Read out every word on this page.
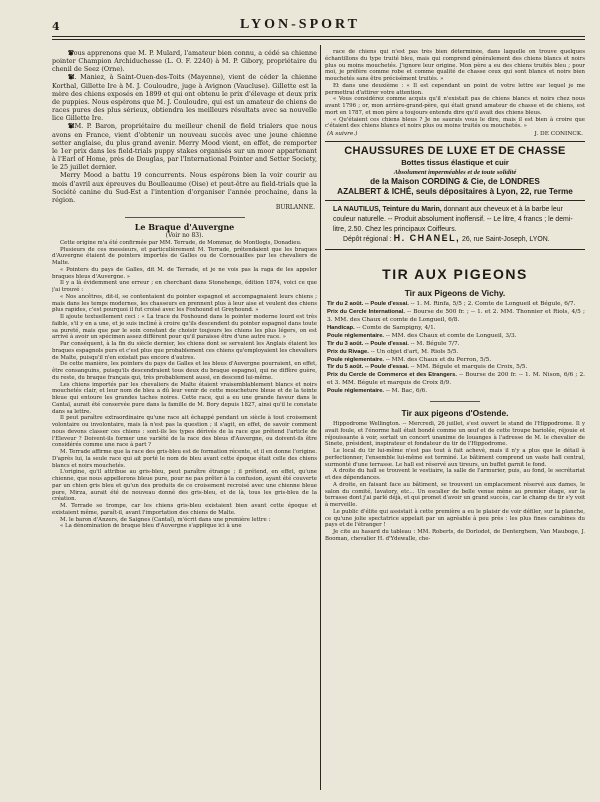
4	LYON-SPORT

Nous apprenons que M. P. Mulard, l'amateur bien connu, a cédé sa chienne pointer Champion Archiduchesse (L. O. F. 2240) à M. P. Gibory, propriétaire du chenil de Seez (Orne).

M. Maniez, à Saint-Ouen-des-Toits (Mayenne), vient de céder la chienne Korthal, Gillette Ire à M. J. Couloudre, juge à Avignon (Vaucluse). Gillette est la mère des chiens exposés en 1899 et qui ont obtenu le prix d'élevage et deux prix de puppies. Nous espérons que M. J. Couloudre, qui est un amateur de chiens de races pures des plus sérieux, obtiendra les meilleurs résultats avec sa nouvelle lice Gillette Ire.

MM. P. Baron, propriétaire du meilleur chenil de field trialers que nous avons en France, vient d'obtenir un nouveau succès avec une jeune chienne setter anglaise, du plus grand avenir. Merry Mood vient, en effet, de remporter le 1er prix dans les field-trials puppy stakes organisés sur un moor appartenant à l'Earl of Home, près de Douglas, par l'International Pointer and Setter Society, le 25 juillet dernier.

Merry Mood a battu 19 concurrents. Nous espérons bien la voir courir au mois d'avril aux épreuves du Boulleaume (Oise) et peut-être au field-trials que la Société canine du Sud-Est a l'intention d'organiser l'année prochaine, dans la région.

BURLANNE.
Le Braque d'Auvergne
(Voir no 83).

Cette origine m'a été confirmée par MM. Terrade, de Mommar, de Montlogis, Donadieu.

Plusieurs de ces messieurs, et particulièrement M. Terrade, prétendaient que les braques d'Auvergne étaient de pointers importés de Galles ou de Cornouailles par les chevaliers de Malte.

« Pointers du pays de Galles, dit M. de Terrade, et je ne vois pas la raga de les appeler braques bleus d'Auvergne. »

Il y a là évidemment une erreur ; en cherchant dans Stonehenge, édition 1874, voici ce que j'ai trouvé :

« Nos ancêtres, dit-il, se contentaient du pointer espagnol et accompagnaient leurs chiens ; mais dans les temps modernes, les chasseurs en prennent plus à leur aise et veulent des chiens plus rapides, c'est pourquoi il fut croisé avec les Foxhound et Greyhound. »

Il ajoute textuellement ceci : « La trace du Foxhound dans le pointer moderne lourd est très faible, s'il y en a une, et je suis incliné à croire qu'ils descendent du pointer espagnol dans toute sa pureté, mais que par le soin constant de choisir toujours les chiens les plus légers, on est arrivé à avoir un spécimen assez différent pour qu'il paraisse être d'une autre race. »

Par conséquent, à la fin du siècle dernier, les chiens dont se servaient les Anglais étaient les braques espagnols purs et c'est plus que probablement ces chiens qu'employaient les chevaliers de Malte, puisqu'il n'en existait pas encore d'autres.

De cette manière, les pointers du pays de Galles et les bleus d'Auvergne pourraient, en effet, être consanguins, puisqu'ils descendraient tous deux du braque espagnol, qui ne diffère guère, du reste, du braque français qui, très probablement aussi, en descend lui-même.

Les chiens importés par les chevaliers de Malte étaient vraisemblablement blancs et noirs mouchetés clair, et leur nom de bleu a dû leur venir de cette moucheture bleue et de la teinte bleue qui entoure les grandes taches noires. Cette race, qui a eu une grande faveur dans le Cantal, aurait été conservée pure dans la famille de M. Bory depuis 1827, ainsi qu'il le constate dans sa lettre.

Il peut paraître extraordinaire qu'une race ait échappé pendant un siècle à tout croisement volontaire ou involontaire, mais là n'est pas la question ; il s'agit, en effet, de savoir comment nous devons classer ces chiens : sont-ils les types dérivés de la race que prétend l'article de l'Eleveur ? Doivent-ils former une variété de la race des bleus d'Auvergne, ou doivent-ils être considérés comme une race à part ?

M. Terrade affirme que la race des gris-bleu est de formation récente, et il en donne l'origine. D'après lui, la seule race qui ait porté le nom de bleu avant cette époque était celle des chiens blancs et noirs mouchetés.

L'origine, qu'il attribue au gris-bleu, peut paraître étrange ; il prétend, en effet, qu'une chienne, que nous appellerons bleue pure, pour ne pas prêter à la confusion, ayant été couverte par un chien gris bleu et qu'un des produits de ce croisement recroisé avec une chienne bleue pure, Mirza, aurait été de nouveau donné des gris-bleu, et de là, tous les gris-bleu de la création.

M. Terrade se trompe, car les chiens gris-bleu existaient bien avant cette époque et existaient même, paraît-il, avant l'importation des chiens de Malte.

M. le baron d'Anzers, de Saignes (Cantal), m'écrit dans une première lettre :

« La dénomination de braque bleu d'Auvergne s'applique ici à une

race de chiens qui n'est pas très bien déterminée, dans laquelle on trouve quelques échantillons du type truité bleu, mais qui comprend généralement des chiens blancs et noirs plus ou moins mouchetés. J'ignore leur origine. Mon père a eu des chiens truités bleu ; pour moi, je préfère comme robe et comme qualité de chasse ceux qui sont blancs et noirs bien mouchetés sans être précisément truités. »

Et dans une deuxième : « Il est cependant un point de votre lettre sur lequel je me permettrai d'attirer votre attention.

« Vous considérez comme acquis qu'il n'existait pas de chiens blancs et noirs chez nous avant 1796 ; or, mon arrière-grand-père, qui était grand amateur de chasse et de chiens, est mort en 1787, et mon père a toujours entendu dire qu'il avait des chiens bleus.

« Qu'étaient ces chiens bleus ? Je ne saurais vous le dire, mais il est bien à croire que c'étaient des chiens blancs et noirs plus ou moins truités ou mouchetés. »

(A suivre.)	J. DE CONINCK.
CHAUSSURES DE LUXE ET DE CHASSE
Bottes tissus élastique et cuir
Absolument imperméables et de toute solidité
de la Maison CORDING & Cie, de LONDRES
AZALBERT & ICHÉ, seuls dépositaires à Lyon, 22, rue Terme
LA NAUTILUS, Teinture du Marin, donnant aux cheveux et à la barbe leur couleur naturelle. -- Produit absolument inoffensif. -- Le litre, 4 francs ; le demi-litre, 2.50. Chez les principaux Coiffeurs.
Dépôt régional : H. CHANEL, 26, rue Saint-Joseph, LYON.
TIR AUX PIGEONS
Tir aux Pigeons de Vichy.

Tir du 2 août. -- Poule d'essai. -- 1. M. Rinfa, 5/5 ; 2. Comte de Longueil et Bégule, 6/7.

Prix du Cercle International. -- Bourse de 500 fr. ; -- 1. et 2. MM. Thonnier et Riols, 4/5 ; 3. MM. des Chaux et comte de Longueil, 6/8.

Handicap. -- Comte de Sampigny, 4/1.

Poule réglementaire. -- MM. des Chaux et comte de Longueil, 3/3.

Tir du 3 août. -- Poule d'essai. -- M. Bégule 7/7.

Prix du Rivage. -- Un objet d'art, M. Riols 5/5.

Poule réglementaire. -- MM. des Chaux et du Perron, 5/5.

Tir du 5 août. -- Poule d'essai. -- MM. Bégule et marquis de Croix, 5/5.

Prix du Cercle de Commerce et des Etrangers. -- Bourse de 200 fr. -- 1. M. Nison, 6/6 ; 2. et 3. MM. Bégule et marquis de Croix 8/9.

Poule réglementaire. -- M. Bac, 6/6.

Tir aux pigeons d'Ostende.

Hippodrome Wellington. -- Mercredi, 26 juillet, s'est ouvert le stand de l'Hippodrome. Il y avait foule, et l'énorme hall était bondé comme un œuf et de cette troupe bariolée, réjouie et réjouissante à voir, sortait un concert unanime de louanges à l'adresse de M. le chevalier de Sinete, président, inspirateur et fondateur du tir de l'Hippodrome.

Le local du tir lui-même n'est pas tout à fait achevé, mais il n'y a plus que le détail à perfectionner, l'ensemble lui-même est terminé. Le bâtiment comprend un vaste hall central, surmonté d'une terrasse. Le hall est réservé aux tireurs, un buffet garnit le fond.

A droite du hall se trouvent le vestiaire, la salle de l'armurier, puis, au fond, le secrétariat et des dépendances.

A droite, en faisant face au bâtiment, se trouvent un emplacement réservé aux dames, le salon du comité, lavatory, etc... Un escalier de belle venue mène au premier étage, sur la terrasse dont j'ai parlé déjà, et qui promet d'avoir un grand succès, car le champ de tir s'y voit à merveille.

Le public d'élite qui assistait à cette première a eu le plaisir de voir défiler, sur la planche, ce qu'une jolie spectatrice appelait par un agréable à peu près : les plus fines carabines du pays et de l'étranger !

Je cite au hasard du tableau : MM. Roberts, de Dorlodot, de Denterghem, Van Mauboge, J. Booman, chevalier H. d'Ydewalle, che-
